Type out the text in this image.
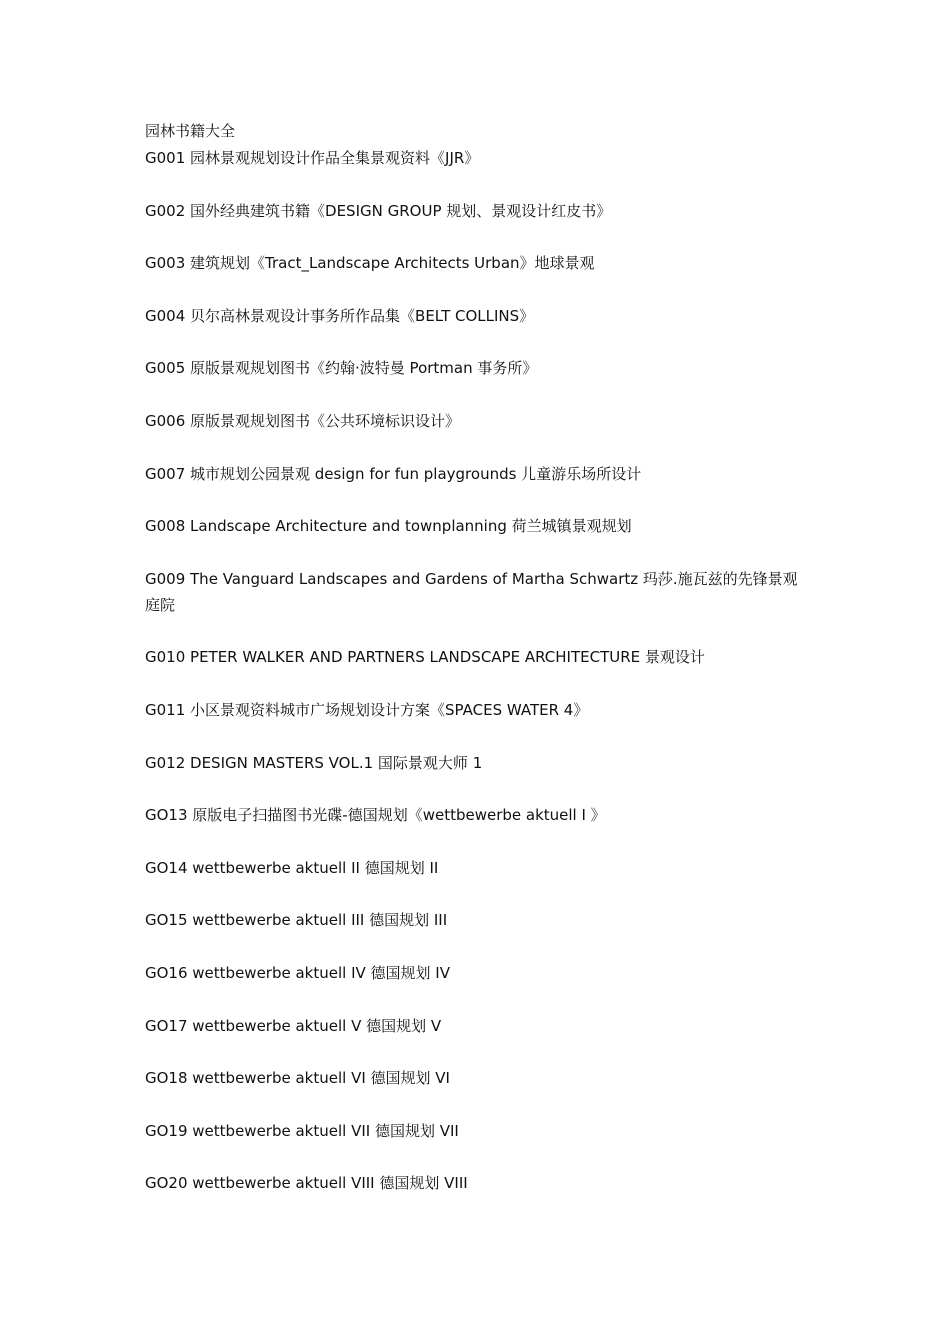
园林书籍大全
G001 园林景观规划设计作品全集景观资料《JJR》
G002 国外经典建筑书籍《DESIGN GROUP 规划、景观设计红皮书》
G003 建筑规划《Tract_Landscape Architects Urban》地球景观
G004 贝尔高林景观设计事务所作品集《BELT COLLINS》
G005 原版景观规划图书《约翰·波特曼 Portman 事务所》
G006 原版景观规划图书《公共环境标识设计》
G007 城市规划公园景观 design for fun playgrounds 儿童游乐场所设计
G008 Landscape Architecture and townplanning 荷兰城镇景观规划
G009 The Vanguard Landscapes and Gardens of Martha Schwartz 玛莎.施瓦兹的先锋景观庭院
G010 PETER WALKER AND PARTNERS LANDSCAPE ARCHITECTURE 景观设计
G011 小区景观资料城市广场规划设计方案《SPACES WATER 4》
G012 DESIGN MASTERS VOL.1 国际景观大师 1
GO13 原版电子扫描图书光碟-德国规划《wettbewerbe aktuell I 》
GO14 wettbewerbe aktuell II 德国规划 II
GO15 wettbewerbe aktuell III 德国规划 III
GO16 wettbewerbe aktuell IV 德国规划 IV
GO17 wettbewerbe aktuell V 德国规划 V
GO18 wettbewerbe aktuell VI 德国规划 VI
GO19 wettbewerbe aktuell VII 德国规划 VII
GO20 wettbewerbe aktuell VIII 德国规划 VIII
